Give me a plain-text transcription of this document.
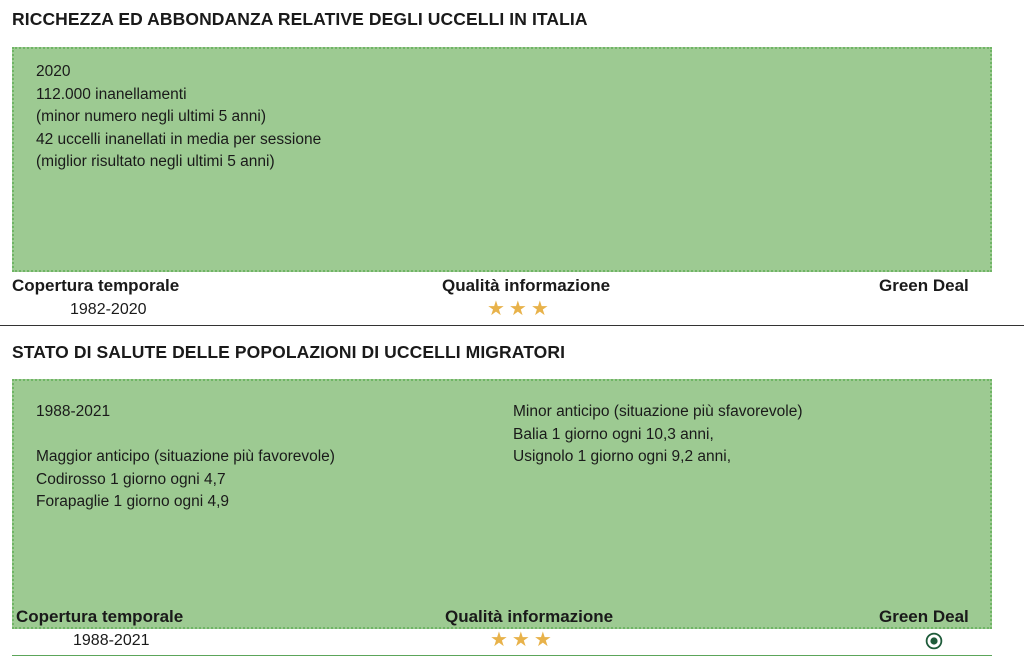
RICCHEZZA ED ABBONDANZA RELATIVE DEGLI UCCELLI IN ITALIA
2020
112.000 inanellamenti
(minor numero negli ultimi 5 anni)
42 uccelli inanellati in media per sessione
(miglior risultato negli ultimi 5 anni)
Copertura temporale
1982-2020
Qualità informazione
★★★
Green Deal
STATO DI SALUTE DELLE POPOLAZIONI DI UCCELLI MIGRATORI
1988-2021
Maggior anticipo (situazione più favorevole)
Codirosso 1 giorno ogni 4,7
Forapaglie 1 giorno ogni 4,9
Minor anticipo (situazione più sfavorevole)
Balia 1 giorno ogni 10,3 anni,
Usignolo 1 giorno ogni 9,2 anni,
Copertura temporale
1988-2021
Qualità informazione
★★★
Green Deal
